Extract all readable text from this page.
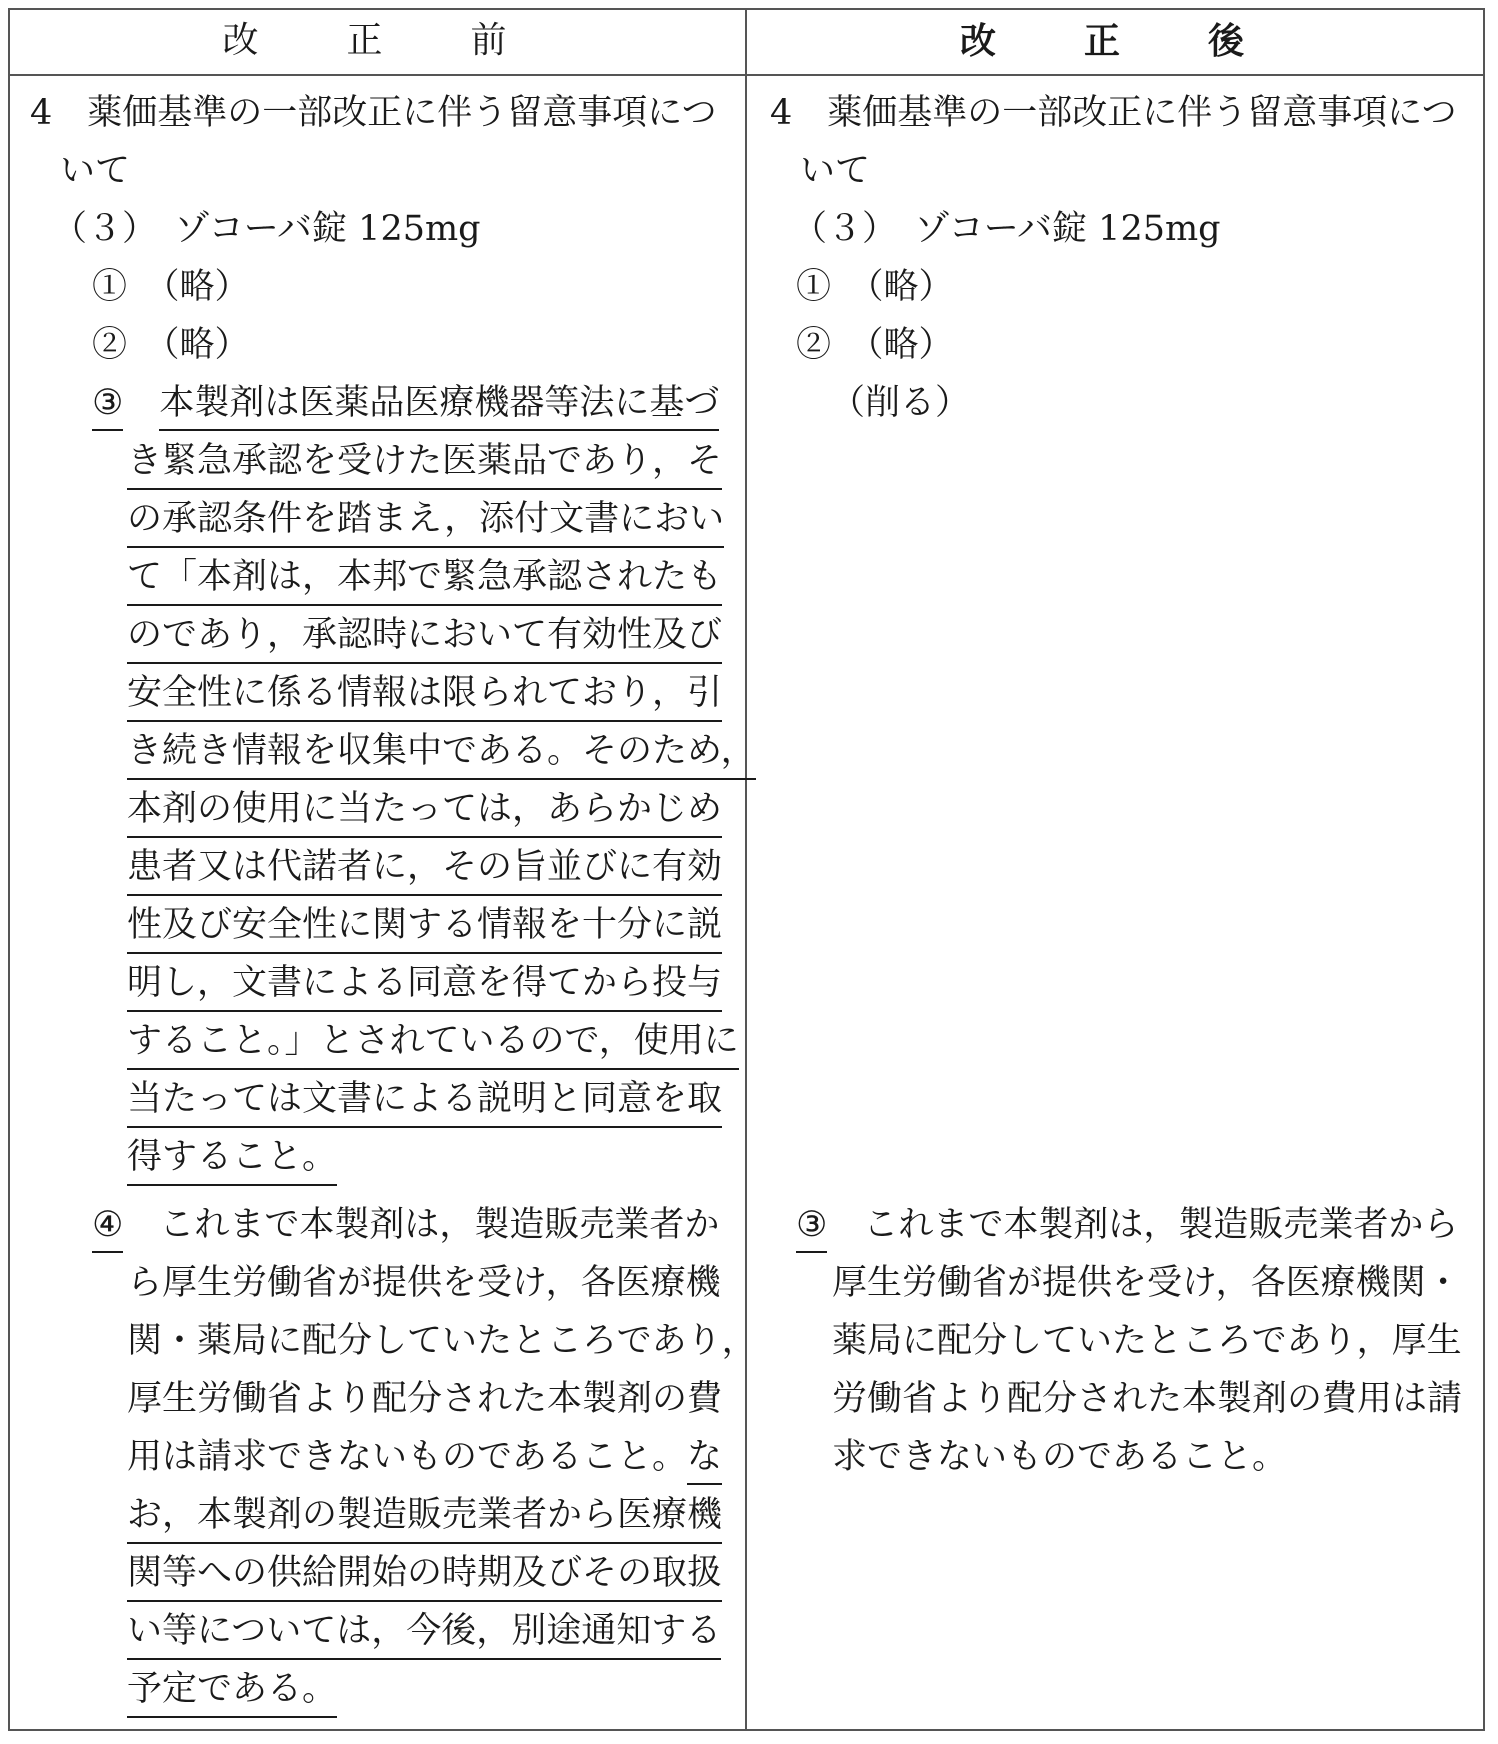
改　正　前	改　正　後
4　薬価基準の一部改正に伴う留意事項につ
いて
（３）　ゾコーバ錠 125mg
①　（略）
②　（略）
③ 本製剤は医薬品医療機器等法に基づ
き緊急承認を受けた医薬品であり，そ
の承認条件を踏まえ，添付文書におい
て「本剤は，本邦で緊急承認されたも
のであり，承認時において有効性及び
安全性に係る情報は限られており，引
き続き情報を収集中である。そのため，
本剤の使用に当たっては，あらかじめ
患者又は代諾者に，その旨並びに有効
性及び安全性に関する情報を十分に説
明し，文書による同意を得てから投与
すること。」とされているので，使用に
当たっては文書による説明と同意を取
得すること。
④ これまで本製剤は，製造販売業者か
ら厚生労働省が提供を受け，各医療機
関・薬局に配分していたところであり，
厚生労働省より配分された本製剤の費
用は請求できないものであること。な
お，本製剤の製造販売業者から医療機
関等への供給開始の時期及びその取扱
い等については，今後，別途通知する
予定である。
4　薬価基準の一部改正に伴う留意事項につ
いて
（３）　ゾコーバ錠 125mg
①　（略）
②　（略）
（削る）
③ これまで本製剤は，製造販売業者から
厚生労働省が提供を受け，各医療機関・
薬局に配分していたところであり，厚生
労働省より配分された本製剤の費用は請
求できないものであること。
